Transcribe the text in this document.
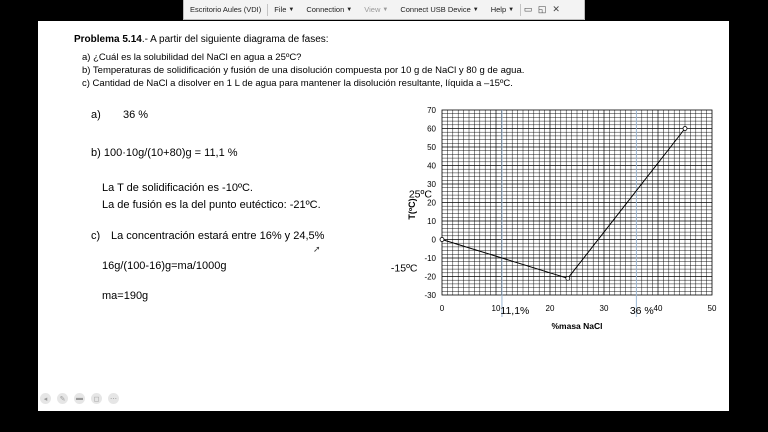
Escritorio Aules (VDI)	File ▼ Connection ▼ View ▼ Connect USB Device ▼ Help ▼	▭ ◱ ✕
Problema 5.14.- A partir del siguiente diagrama de fases:
a) ¿Cuál es la solubilidad del NaCl en agua a 25ºC?
b) Temperaturas de solidificación y fusión de una disolución compuesta por 10 g de NaCl y 80 g de agua.
c) Cantidad de NaCl a disolver en 1 L de agua para mantener la disolución resultante, líquida a –15ºC.
a) 36 %
b) 100·10g/(10+80)g = 11,1 %
La T de solidificación es -10ºC.
La de fusión es la del punto eutéctico: -21ºC.
c) La concentración estará entre 16% y 24,5%
16g/(100-16)g=ma/1000g
ma=190g
➚
70
60
50
40
30
20
10
0
-10
-20
-30
0	10	20	30	40	50
25ºC
-15ºC
11,1%	36 %
T(ºC)
%masa NaCl
◂	✎	▬	◻	⋯
